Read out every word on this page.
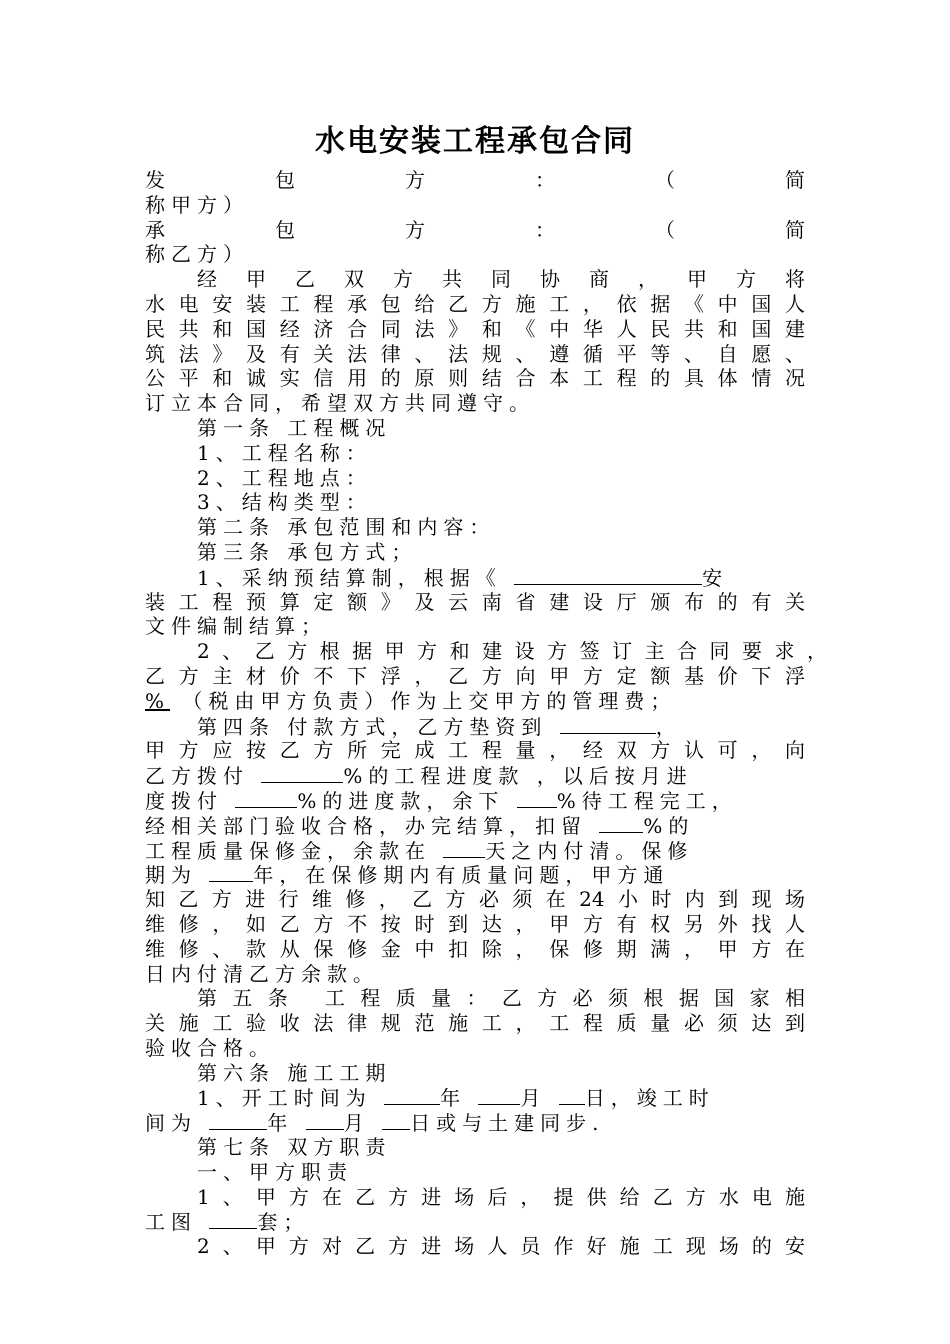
水电安装工程承包合同
发包方：（简
称甲方）
承包方：（简
称乙方）
经甲乙双方共同协商，甲方将
水电安装工程承包给乙方施工，依据《中国人
民共和国经济合同法》和《中华人民共和国建
筑法》及有关法律、法规、遵循平等、自愿、
公平和诚实信用的原则结合本工程的具体情况
订立本合同，希望双方共同遵守。
第一条 工程概况
1、工程名称：
2、工程地点：
3、结构类型：
第二条 承包范围和内容：
第三条 承包方式；
1、采纳预结算制，根据《	安
装工程预算定额》及云南省建设厅颁布的有关
文件编制结算；
2、乙方根据甲方和建设方签订主合同要求，
乙方主材价不下浮，乙方向甲方定额基价下浮
% （税由甲方负责）作为上交甲方的管理费；
第四条 付款方式，乙方垫资到	，
甲方应按乙方所完成工程量，经双方认可，向
乙方拨付	%的工程进度款 ，以后按月进
度拨付	%的进度款，余下	%待工程完工，
经相关部门验收合格，办完结算，扣留	%的
工程质量保修金，余款在	天之内付清。保修
期为	年，在保修期内有质量问题，甲方通
知乙方进行维修，乙方必须在24小时内到现场
维修，如乙方不按时到达，甲方有权另外找人
维修、款从保修金中扣除，保修期满，甲方在
日内付清乙方余款。
第五条 工程质量：乙方必须根据国家相
关施工验收法律规范施工，工程质量必须达到
验收合格。
第六条 施工工期
1、开工时间为	年	月 日，竣工时
间为	年	月 日或与土建同步.
第七条 双方职责
一、甲方职责
1、甲方在乙方进场后，提供给乙方水电施
工图	套；
2、甲方对乙方进场人员作好施工现场的安
